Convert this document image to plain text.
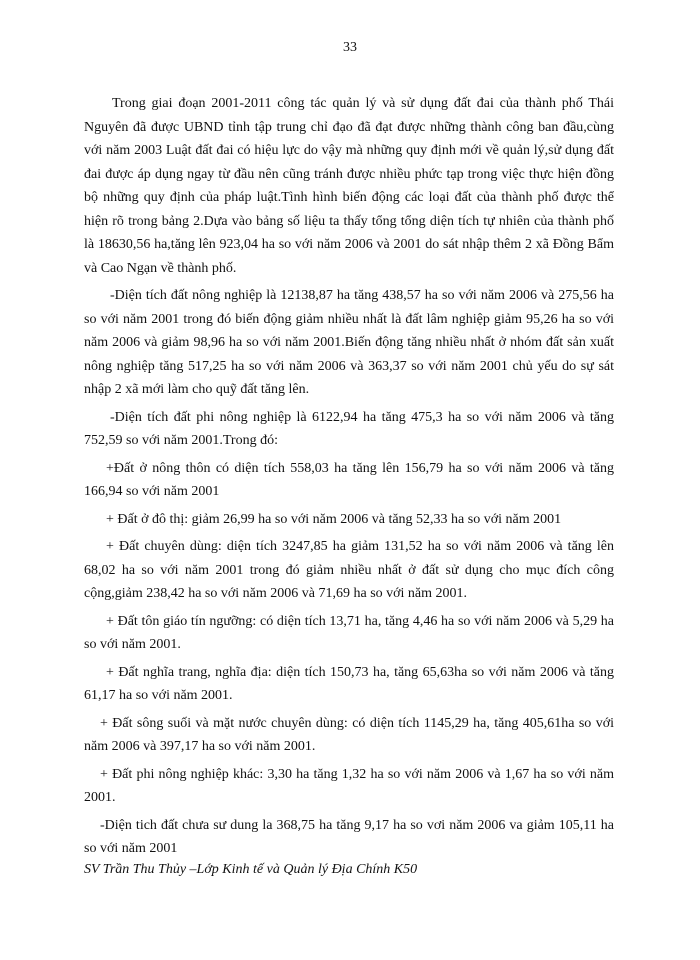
33

Trong giai đoạn 2001-2011 công tác quản lý và sử dụng đất đai của thành phố Thái Nguyên đã được UBND tỉnh tập trung chỉ đạo đã đạt được những thành công ban đầu,cùng với năm 2003 Luật đất đai có hiệu lực do vậy mà những quy định mới về quản lý,sử dụng đất đai được áp dụng ngay từ đầu nên cũng tránh được nhiều phức tạp trong việc thực hiện đồng bộ những quy định của pháp luật.Tình hình biến động các loại đất của thành phố được thể hiện rõ trong bảng 2.Dựa vào bảng số liệu ta thấy tổng tổng diện tích tự nhiên của thành phố là 18630,56 ha,tăng lên 923,04 ha so với năm 2006 và 2001 do sát nhập thêm 2 xã Đồng Bẩm và Cao Ngạn về thành phố.

-Diện tích đất nông nghiệp là 12138,87 ha tăng 438,57 ha so với năm 2006 và 275,56 ha so với năm 2001 trong đó biến động giảm nhiều nhất là đất lâm nghiệp giảm 95,26 ha so với năm 2006 và giảm 98,96 ha so với năm 2001.Biến động tăng nhiều nhất ở nhóm đất sản xuất nông nghiệp tăng 517,25 ha so với năm 2006 và 363,37 so với năm 2001 chủ yếu do sự sát nhập 2 xã mới làm cho quỹ đất tăng lên.

-Diện tích đất phi nông nghiệp là 6122,94 ha tăng 475,3 ha so với năm 2006 và tăng 752,59 so với năm 2001.Trong đó:

+Đất ở nông thôn có diện tích 558,03 ha tăng lên 156,79 ha so với năm 2006 và tăng 166,94 so với năm 2001

+ Đất ở đô thị: giảm 26,99 ha so với năm 2006 và tăng 52,33 ha so với năm 2001

+ Đất chuyên dùng: diện tích 3247,85 ha giảm 131,52 ha so với năm 2006 và tăng lên 68,02 ha so với năm 2001 trong đó giảm nhiều nhất ở đất sử dụng cho mục đích công cộng,giảm 238,42 ha so với năm 2006 và 71,69 ha so với năm 2001.

+ Đất tôn giáo tín ngưỡng: có diện tích 13,71 ha, tăng 4,46 ha so với năm 2006 và 5,29 ha so với năm 2001.

+ Đất nghĩa trang, nghĩa địa: diện tích 150,73 ha, tăng 65,63ha so với năm 2006 và tăng 61,17 ha so với năm 2001.

+ Đất sông suối và mặt nước chuyên dùng: có diện tích 1145,29 ha, tăng 405,61ha so với năm 2006 và 397,17 ha so với năm 2001.

+ Đất phi nông nghiệp khác: 3,30 ha tăng 1,32 ha so với năm 2006 và 1,67 ha so với năm 2001.

-Diện tich đất chưa sư dung la 368,75 ha tăng 9,17 ha so vơi năm 2006 va giảm 105,11 ha so với năm 2001

SV Trần Thu Thủy –Lớp Kinh tế và Quản lý Địa Chính K50
